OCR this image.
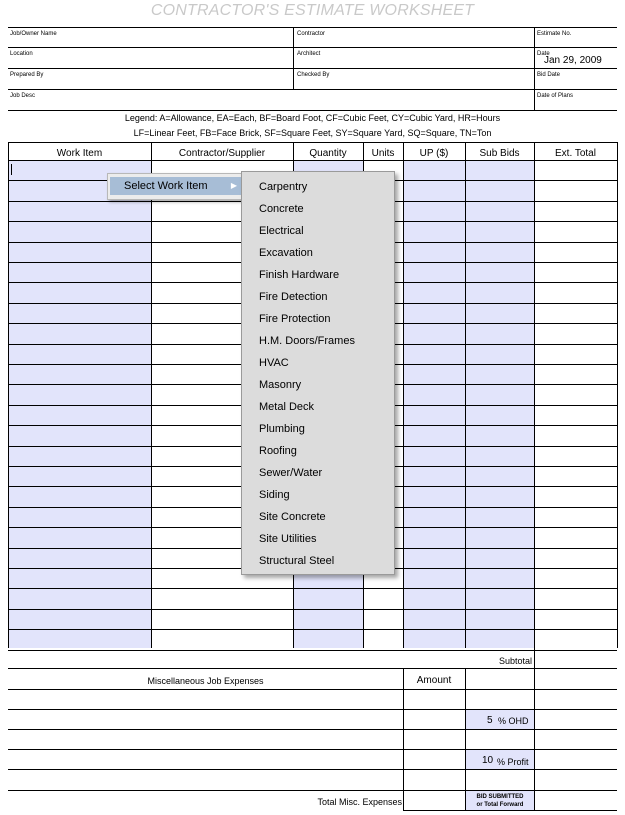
CONTRACTOR'S ESTIMATE WORKSHEET
Job/Owner Name	Contractor	Estimate No.
Location	Architect	Date
Jan 29, 2009
Prepared By	Checked By	Bid Date
Job Desc	Date of Plans
Legend: A=Allowance, EA=Each, BF=Board Foot, CF=Cubic Feet, CY=Cubic Yard, HR=Hours
LF=Linear Feet, FB=Face Brick, SF=Square Feet, SY=Square Yard, SQ=Square, TN=Ton
Work Item	Contractor/Supplier	Quantity	Units	UP ($)	Sub Bids	Ext. Total
Subtotal
Miscellaneous Job Expenses	Amount
5 % OHD
10 % Profit
Total Misc. Expenses	BID SUBMITTED
or Total Forward
Select Work Item	▶ Carpentry
Concrete
Electrical
Excavation
Finish Hardware
Fire Detection
Fire Protection
H.M. Doors/Frames
HVAC
Masonry
Metal Deck
Plumbing
Roofing
Sewer/Water
Siding
Site Concrete
Site Utilities
Structural Steel
